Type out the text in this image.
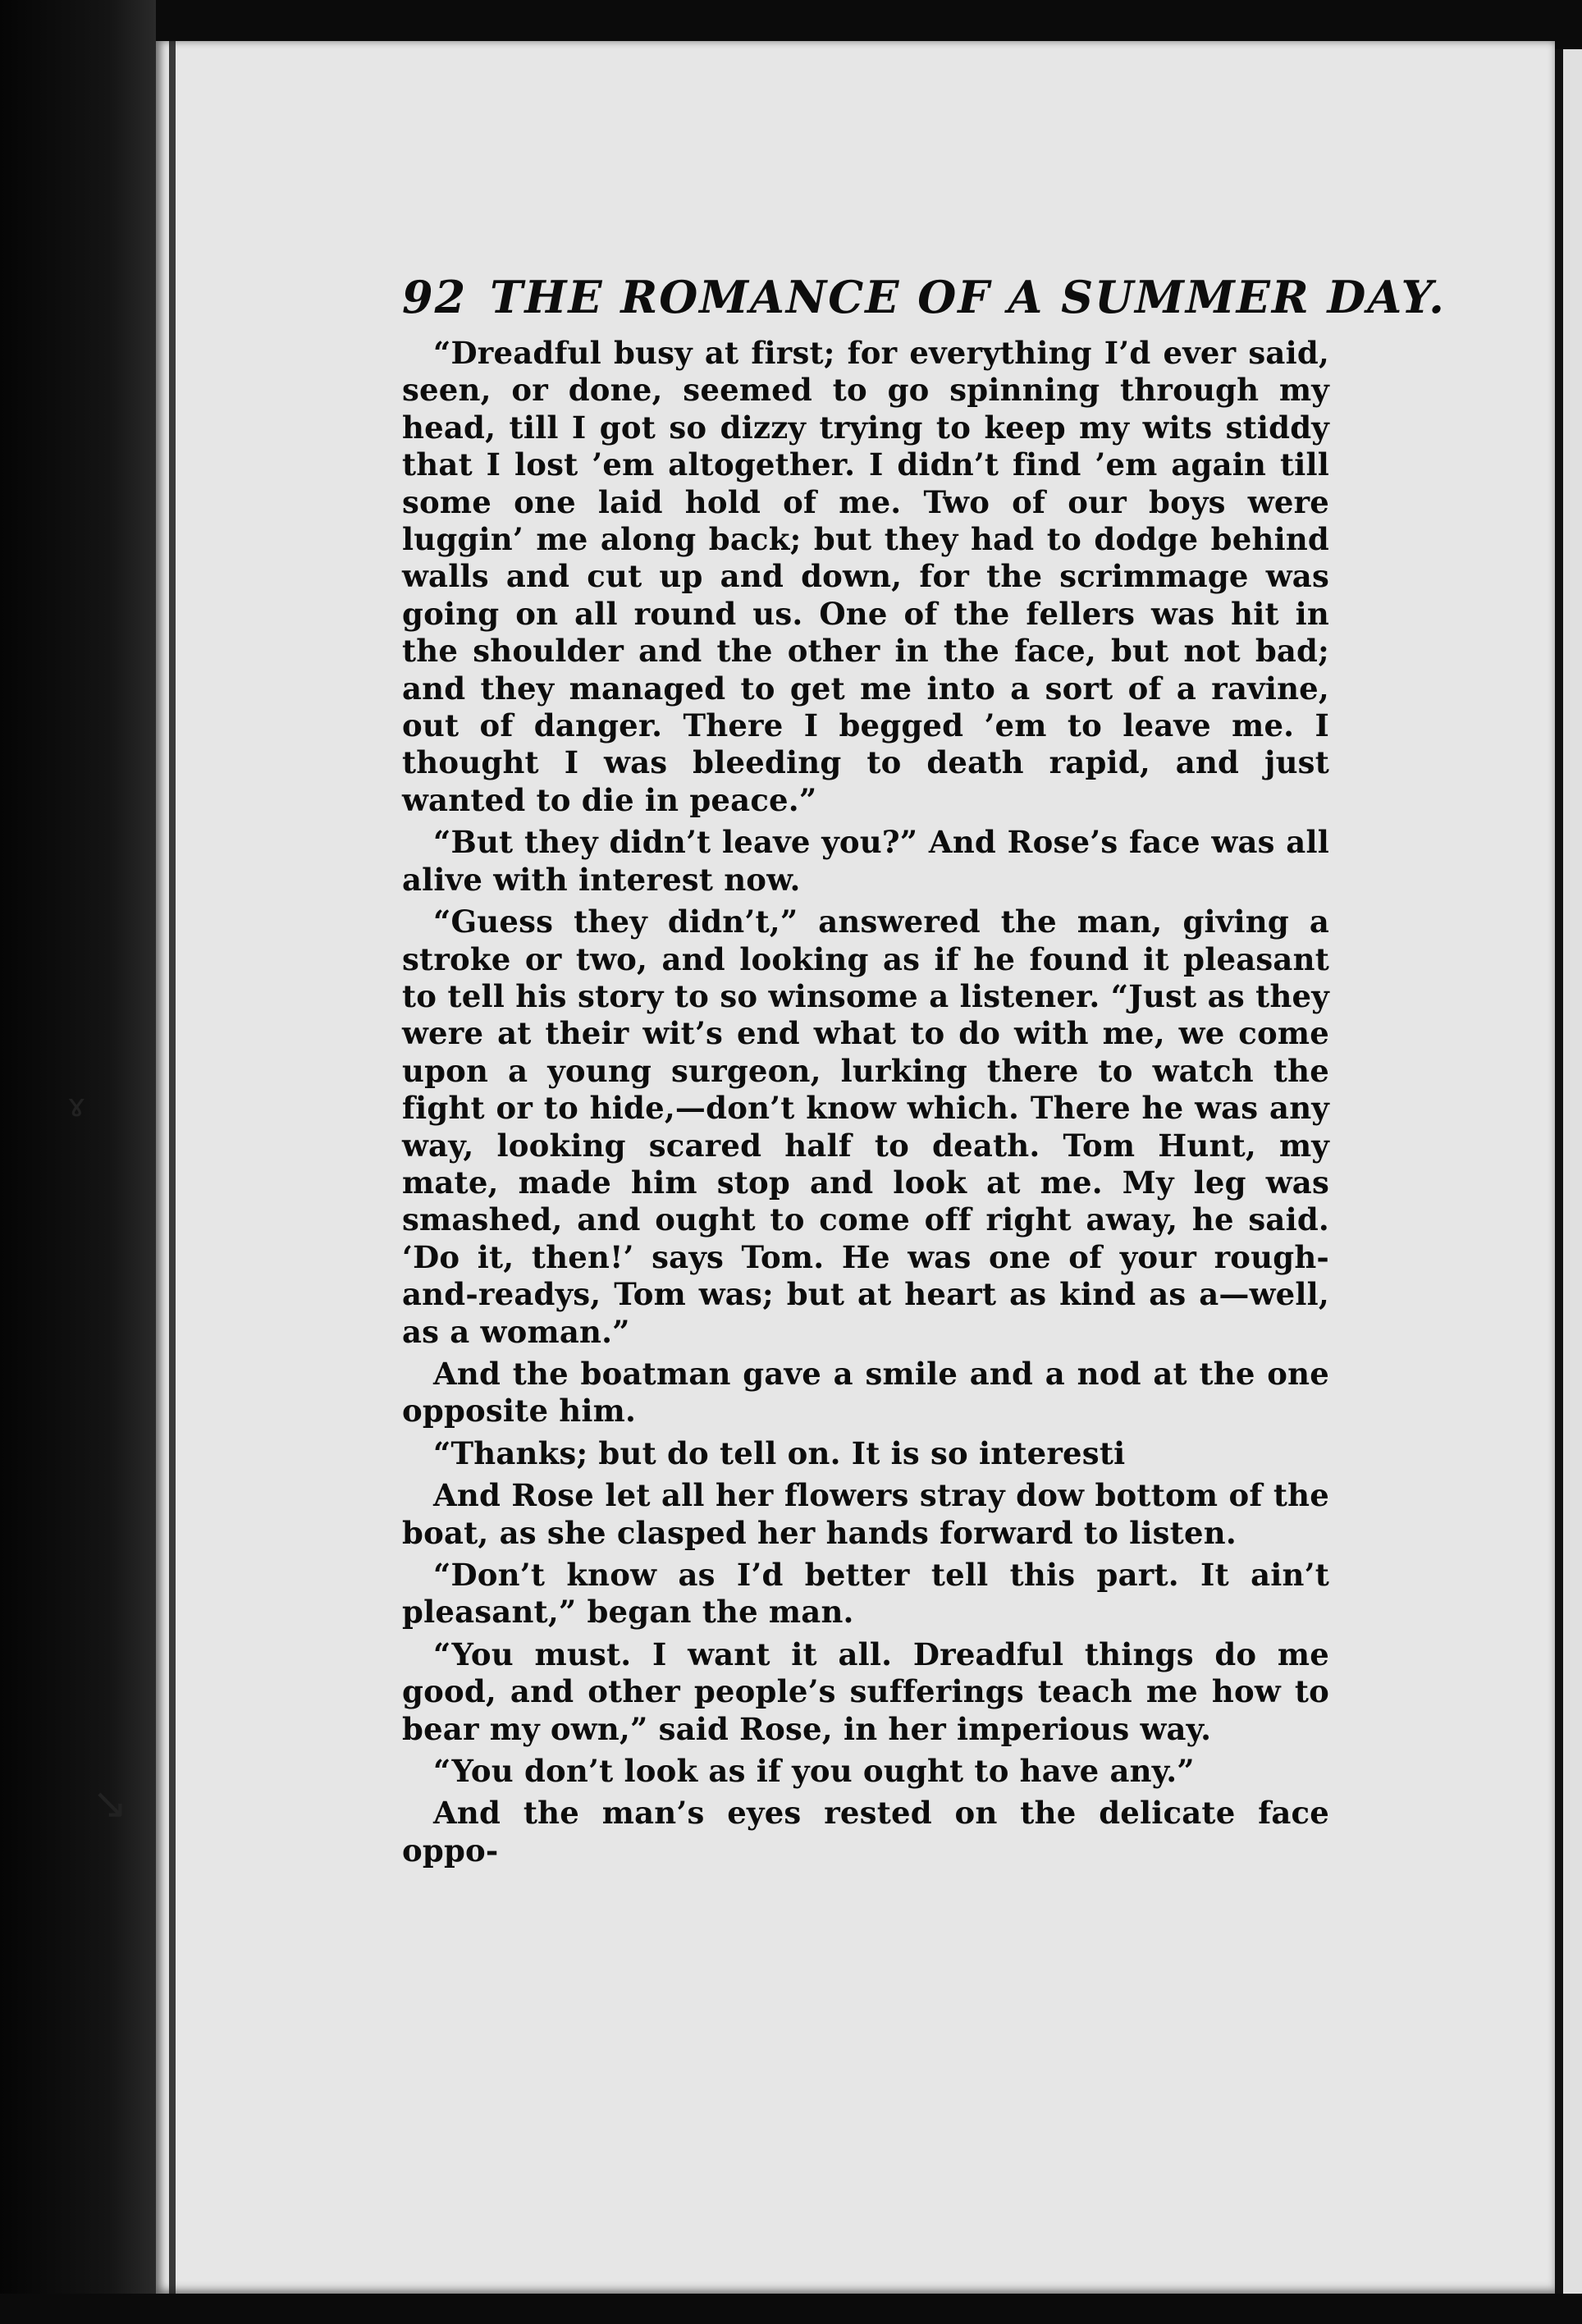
ɤ
↘
92 THE ROMANCE OF A SUMMER DAY.

“Dreadful busy at first; for everything I’d ever said, seen, or done, seemed to go spinning through my head, till I got so dizzy trying to keep my wits stiddy that I lost ’em altogether. I didn’t find ’em again till some one laid hold of me. Two of our boys were luggin’ me along back; but they had to dodge behind walls and cut up and down, for the scrimmage was going on all round us. One of the fellers was hit in the shoulder and the other in the face, but not bad; and they managed to get me into a sort of a ravine, out of danger. There I begged ’em to leave me. I thought I was bleeding to death rapid, and just wanted to die in peace.”

“But they didn’t leave you?” And Rose’s face was all alive with interest now.

“Guess they didn’t,” answered the man, giving a stroke or two, and looking as if he found it pleasant to tell his story to so winsome a listener. “Just as they were at their wit’s end what to do with me, we come upon a young surgeon, lurking there to watch the fight or to hide,—don’t know which. There he was any way, looking scared half to death. Tom Hunt, my mate, made him stop and look at me. My leg was smashed, and ought to come off right away, he said. ‘Do it, then!’ says Tom. He was one of your rough-and-readys, Tom was; but at heart as kind as a—well, as a woman.”

And the boatman gave a smile and a nod at the one opposite him.

“Thanks; but do tell on. It is so interesti

And Rose let all her flowers stray dow bottom of the boat, as she clasped her hands forward to listen.

“Don’t know as I’d better tell this part. It ain’t pleasant,” began the man.

“You must. I want it all. Dreadful things do me good, and other people’s sufferings teach me how to bear my own,” said Rose, in her imperious way.

“You don’t look as if you ought to have any.”

And the man’s eyes rested on the delicate face oppo-
